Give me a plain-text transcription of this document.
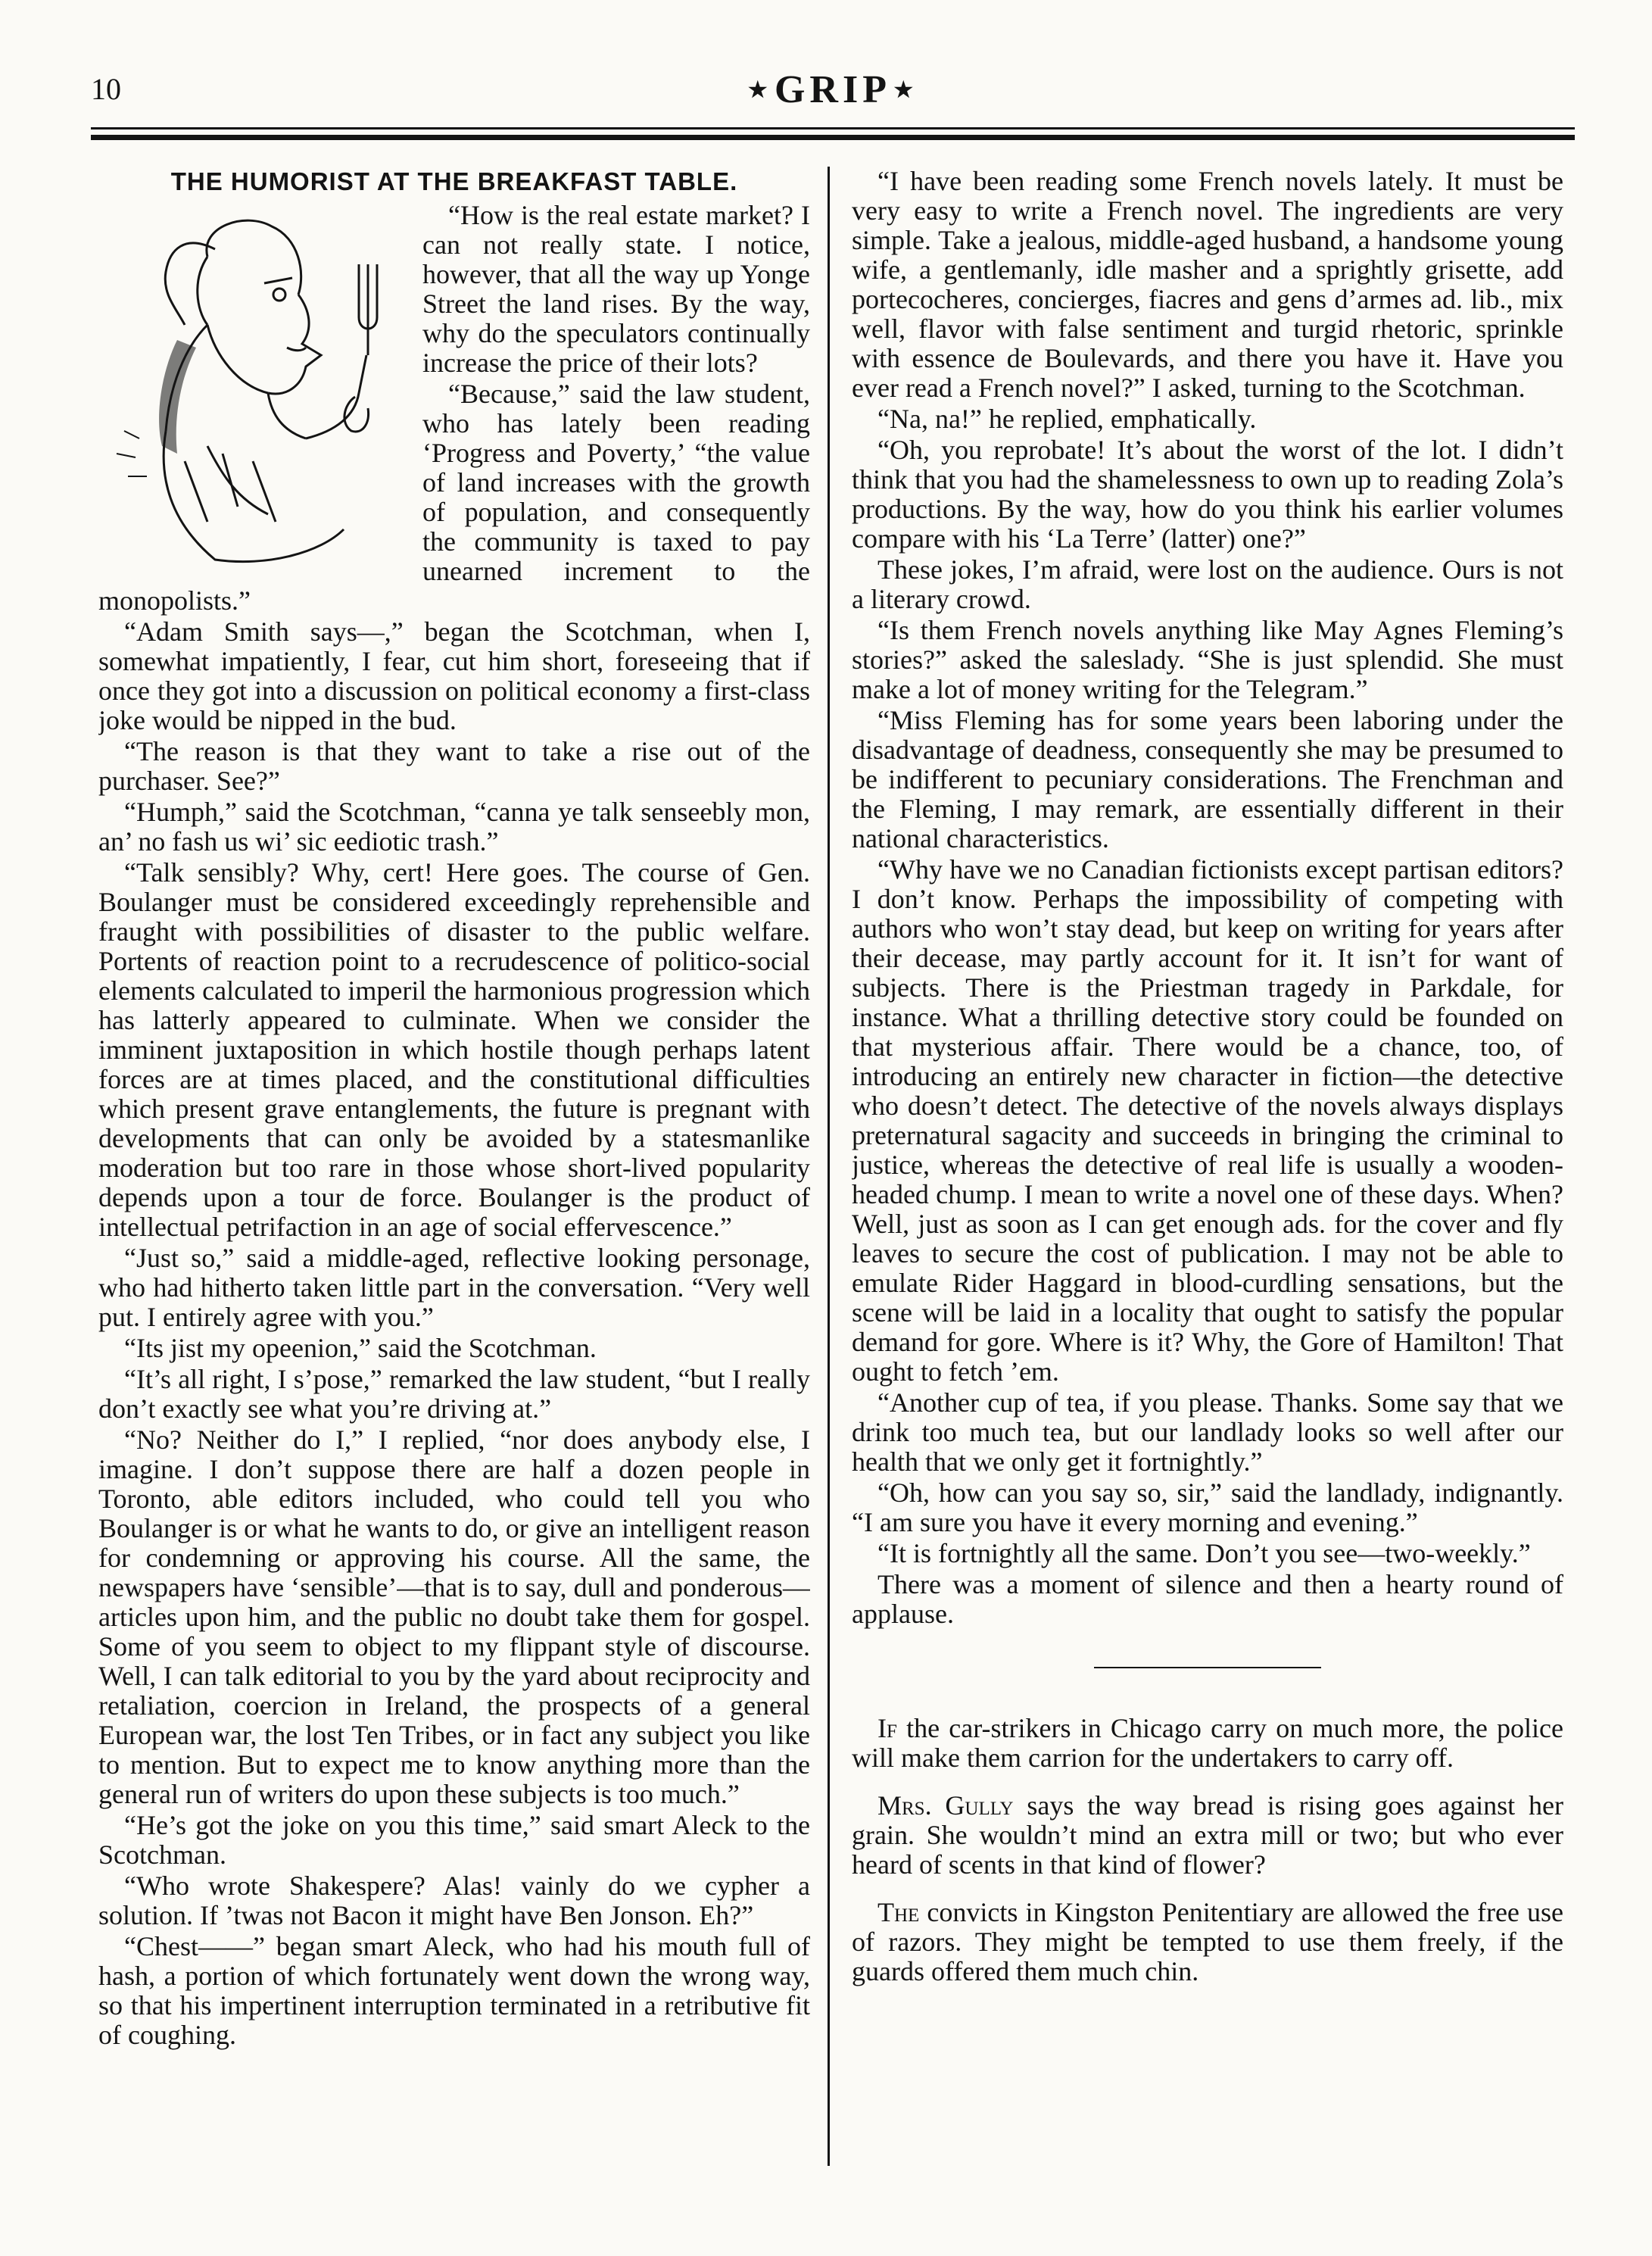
10	⋆GRIP⋆
THE HUMORIST AT THE BREAKFAST TABLE.

“How is the real estate market? I can not really state. I notice, however, that all the way up Yonge Street the land rises. By the way, why do the speculators continually increase the price of their lots?

“Because,” said the law student, who has lately been reading ‘Progress and Poverty,’ “the value of land increases with the growth of population, and consequently the community is taxed to pay unearned increment to the monopolists.”

“Adam Smith says—,” began the Scotchman, when I, somewhat impatiently, I fear, cut him short, foreseeing that if once they got into a discussion on political economy a first-class joke would be nipped in the bud.

“The reason is that they want to take a rise out of the purchaser. See?”

“Humph,” said the Scotchman, “canna ye talk senseebly mon, an’ no fash us wi’ sic eediotic trash.”

“Talk sensibly? Why, cert! Here goes. The course of Gen. Boulanger must be considered exceedingly reprehensible and fraught with possibilities of disaster to the public welfare. Portents of reaction point to a recrudescence of politico-social elements calculated to imperil the harmonious progression which has latterly appeared to culminate. When we consider the imminent juxtaposition in which hostile though perhaps latent forces are at times placed, and the constitutional difficulties which present grave entanglements, the future is pregnant with developments that can only be avoided by a statesmanlike moderation but too rare in those whose short-lived popularity depends upon a tour de force. Boulanger is the product of intellectual petrifaction in an age of social effervescence.”

“Just so,” said a middle-aged, reflective looking personage, who had hitherto taken little part in the conversation. “Very well put. I entirely agree with you.”

“Its jist my opeenion,” said the Scotchman.

“It’s all right, I s’pose,” remarked the law student, “but I really don’t exactly see what you’re driving at.”

“No? Neither do I,” I replied, “nor does anybody else, I imagine. I don’t suppose there are half a dozen people in Toronto, able editors included, who could tell you who Boulanger is or what he wants to do, or give an intelligent reason for condemning or approving his course. All the same, the newspapers have ‘sensible’—that is to say, dull and ponderous—articles upon him, and the public no doubt take them for gospel. Some of you seem to object to my flippant style of discourse. Well, I can talk editorial to you by the yard about reciprocity and retaliation, coercion in Ireland, the prospects of a general European war, the lost Ten Tribes, or in fact any subject you like to mention. But to expect me to know anything more than the general run of writers do upon these subjects is too much.”

“He’s got the joke on you this time,” said smart Aleck to the Scotchman.

“Who wrote Shakespere? Alas! vainly do we cypher a solution. If ’twas not Bacon it might have Ben Jonson. Eh?”

“Chest——” began smart Aleck, who had his mouth full of hash, a portion of which fortunately went down the wrong way, so that his impertinent interruption terminated in a retributive fit of coughing.

“I have been reading some French novels lately. It must be very easy to write a French novel. The ingredients are very simple. Take a jealous, middle-aged husband, a handsome young wife, a gentlemanly, idle masher and a sprightly grisette, add portecocheres, concierges, fiacres and gens d’armes ad. lib., mix well, flavor with false sentiment and turgid rhetoric, sprinkle with essence de Boulevards, and there you have it. Have you ever read a French novel?” I asked, turning to the Scotchman.

“Na, na!” he replied, emphatically.

“Oh, you reprobate! It’s about the worst of the lot. I didn’t think that you had the shamelessness to own up to reading Zola’s productions. By the way, how do you think his earlier volumes compare with his ‘La Terre’ (latter) one?”

These jokes, I’m afraid, were lost on the audience. Ours is not a literary crowd.

“Is them French novels anything like May Agnes Fleming’s stories?” asked the saleslady. “She is just splendid. She must make a lot of money writing for the Telegram.”

“Miss Fleming has for some years been laboring under the disadvantage of deadness, consequently she may be presumed to be indifferent to pecuniary considerations. The Frenchman and the Fleming, I may remark, are essentially different in their national characteristics.

“Why have we no Canadian fictionists except partisan editors? I don’t know. Perhaps the impossibility of competing with authors who won’t stay dead, but keep on writing for years after their decease, may partly account for it. It isn’t for want of subjects. There is the Priestman tragedy in Parkdale, for instance. What a thrilling detective story could be founded on that mysterious affair. There would be a chance, too, of introducing an entirely new character in fiction—the detective who doesn’t detect. The detective of the novels always displays preternatural sagacity and succeeds in bringing the criminal to justice, whereas the detective of real life is usually a wooden-headed chump. I mean to write a novel one of these days. When? Well, just as soon as I can get enough ads. for the cover and fly leaves to secure the cost of publication. I may not be able to emulate Rider Haggard in blood-curdling sensations, but the scene will be laid in a locality that ought to satisfy the popular demand for gore. Where is it? Why, the Gore of Hamilton! That ought to fetch ’em.

“Another cup of tea, if you please. Thanks. Some say that we drink too much tea, but our landlady looks so well after our health that we only get it fortnightly.”

“Oh, how can you say so, sir,” said the landlady, indignantly. “I am sure you have it every morning and evening.”

“It is fortnightly all the same. Don’t you see—two-weekly.”

There was a moment of silence and then a hearty round of applause.

If the car-strikers in Chicago carry on much more, the police will make them carrion for the undertakers to carry off.

Mrs. Gully says the way bread is rising goes against her grain. She wouldn’t mind an extra mill or two; but who ever heard of scents in that kind of flower?

The convicts in Kingston Penitentiary are allowed the free use of razors. They might be tempted to use them freely, if the guards offered them much chin.
